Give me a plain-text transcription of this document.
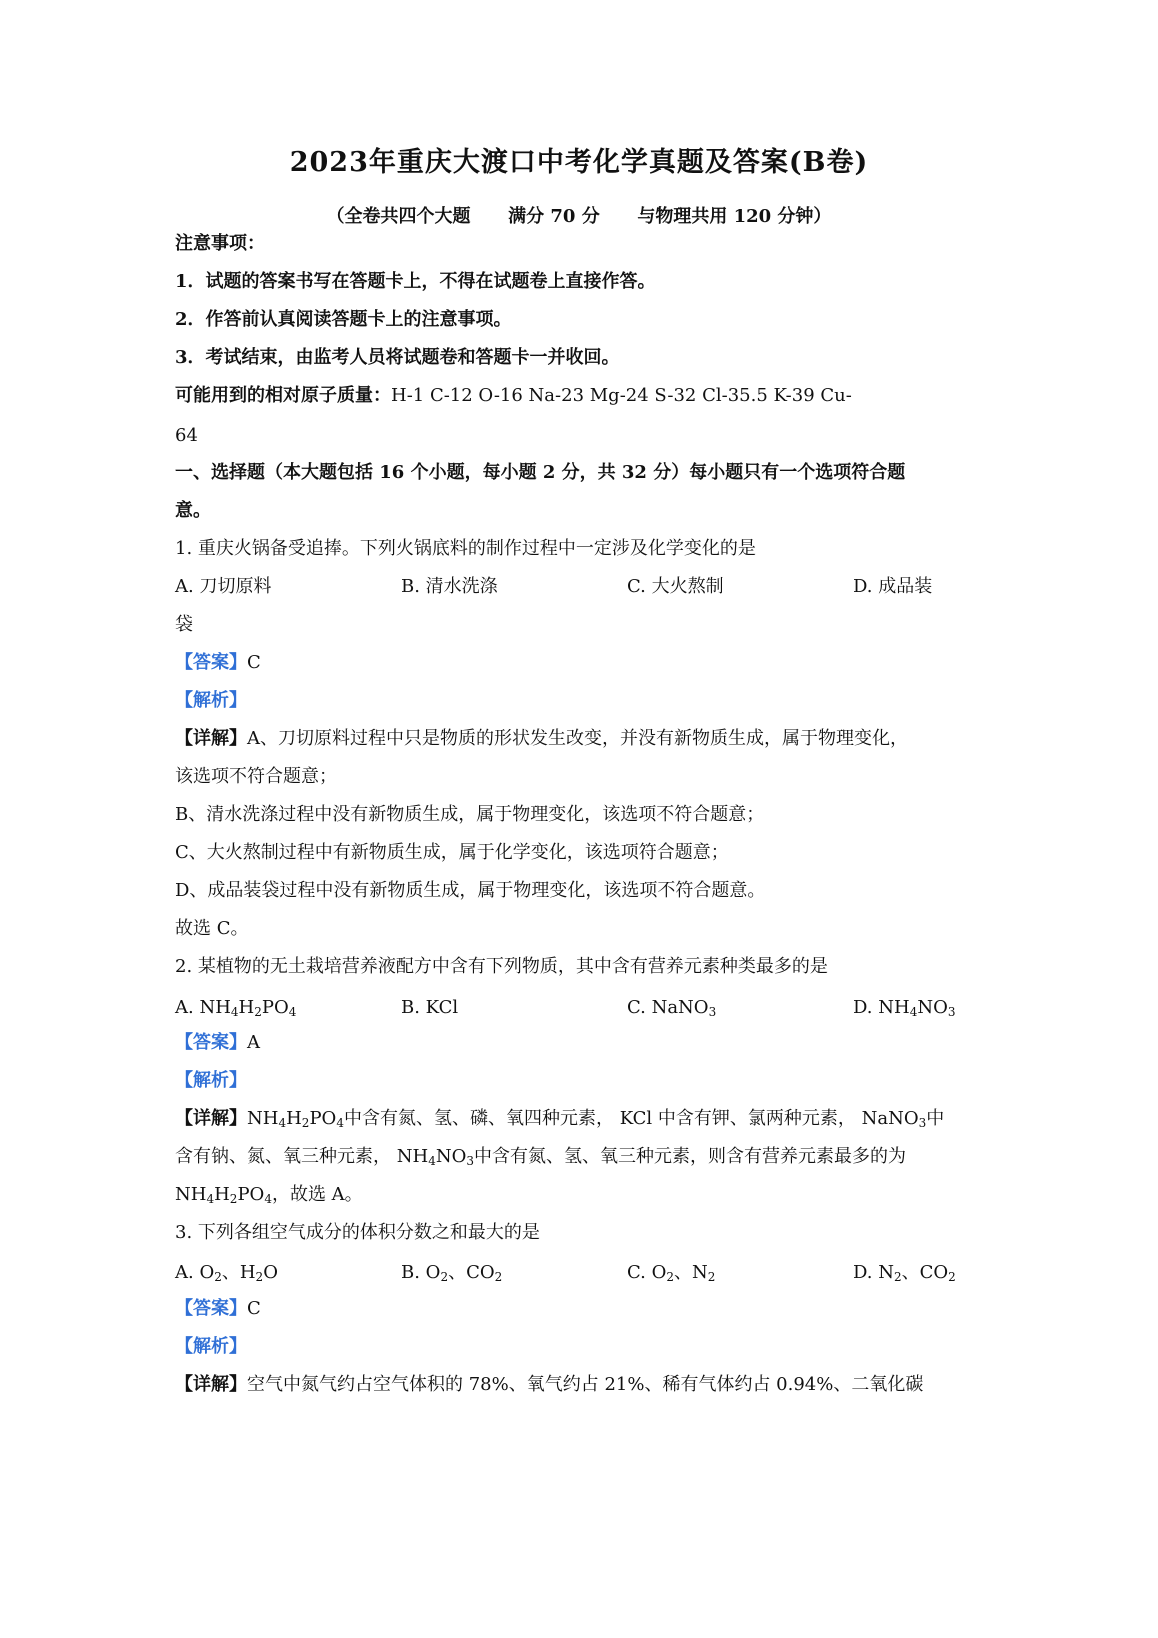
2023年重庆大渡口中考化学真题及答案(B卷)
（全卷共四个大题      满分 70 分      与物理共用 120 分钟）
注意事项：
1．试题的答案书写在答题卡上，不得在试题卷上直接作答。
2．作答前认真阅读答题卡上的注意事项。
3．考试结束，由监考人员将试题卷和答题卡一并收回。
可能用到的相对原子质量：H-1 C-12 O-16 Na-23 Mg-24 S-32 Cl-35.5 K-39 Cu-
64
一、选择题（本大题包括 16 个小题，每小题 2 分，共 32 分）每小题只有一个选项符合题
意。
1. 重庆火锅备受追捧。下列火锅底料的制作过程中一定涉及化学变化的是
A. 刀切原料	B. 清水洗涤	C. 大火熬制	D. 成品装
袋
【答案】C
【解析】
【详解】A、刀切原料过程中只是物质的形状发生改变，并没有新物质生成，属于物理变化，
该选项不符合题意；
B、清水洗涤过程中没有新物质生成，属于物理变化，该选项不符合题意；
C、大火熬制过程中有新物质生成，属于化学变化，该选项符合题意；
D、成品装袋过程中没有新物质生成，属于物理变化，该选项不符合题意。
故选 C。
2. 某植物的无土栽培营养液配方中含有下列物质，其中含有营养元素种类最多的是
A. $NH_4H_2PO_4$	B. KCl	C. NaNO$_3$	D. $NH_4NO_3$
【答案】A
【解析】
【详解】$NH_4H_2PO_4$中含有氮、氢、磷、氧四种元素， KCl 中含有钾、氯两种元素， NaNO$_3$中
含有钠、氮、氧三种元素， $NH_4NO_3$中含有氮、氢、氧三种元素，则含有营养元素最多的为
$NH_4H_2PO_4$，故选 A。
3. 下列各组空气成分的体积分数之和最大的是
A. $O_2$、$H_2O$	B. $O_2$、$CO_2$	C. $O_2$、$N_2$	D. $N_2$、$CO_2$
【答案】C
【解析】
【详解】空气中氮气约占空气体积的 78%、氧气约占 21%、稀有气体约占 0.94%、二氧化碳
